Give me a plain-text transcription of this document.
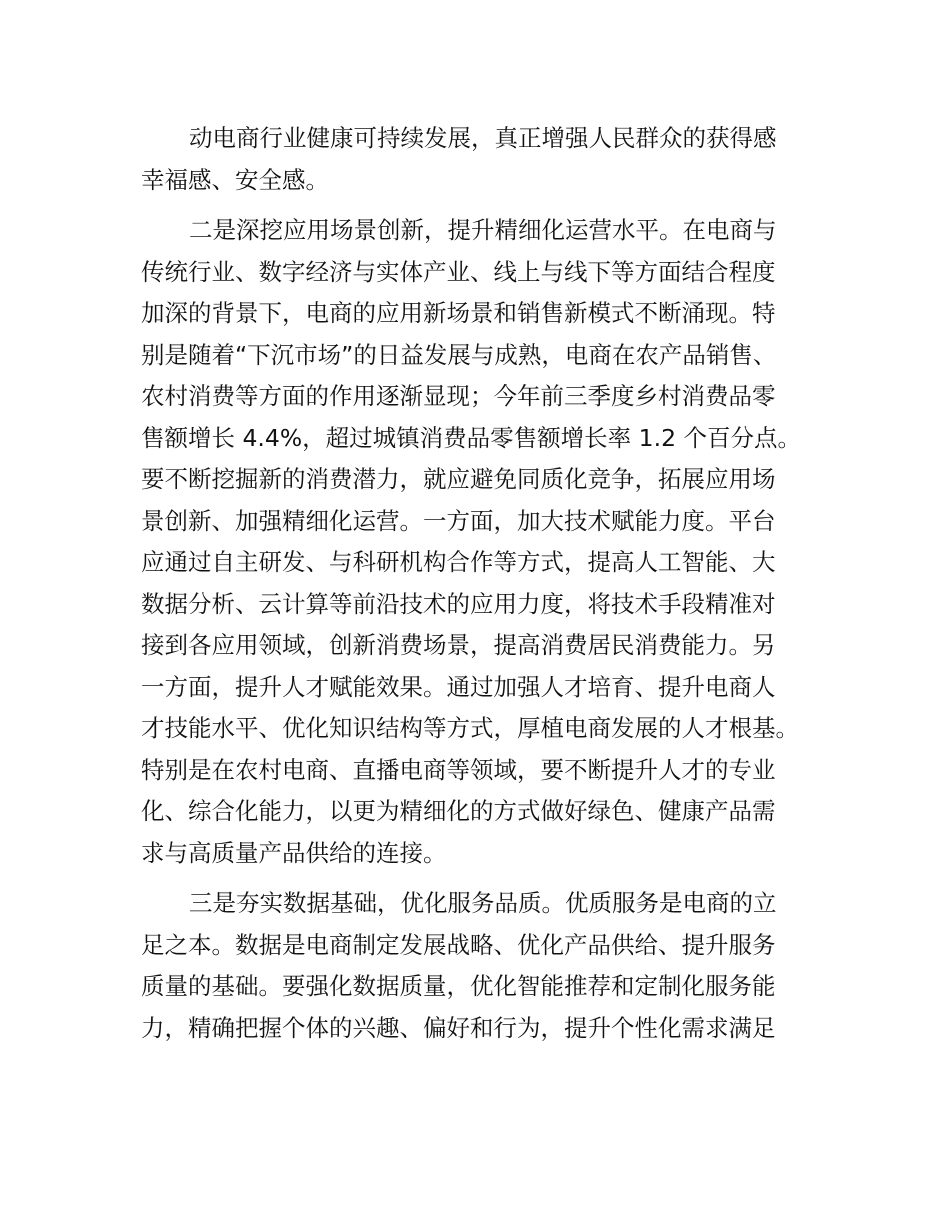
动电商行业健康可持续发展，真正增强人民群众的获得感
幸福感、安全感。
二是深挖应用场景创新，提升精细化运营水平。在电商与
传统行业、数字经济与实体产业、线上与线下等方面结合程度
加深的背景下，电商的应用新场景和销售新模式不断涌现。特
别是随着“下沉市场”的日益发展与成熟，电商在农产品销售、
农村消费等方面的作用逐渐显现；今年前三季度乡村消费品零
售额增长 4.4%，超过城镇消费品零售额增长率 1.2 个百分点。
要不断挖掘新的消费潜力，就应避免同质化竞争，拓展应用场
景创新、加强精细化运营。一方面，加大技术赋能力度。平台
应通过自主研发、与科研机构合作等方式，提高人工智能、大
数据分析、云计算等前沿技术的应用力度，将技术手段精准对
接到各应用领域，创新消费场景，提高消费居民消费能力。另
一方面，提升人才赋能效果。通过加强人才培育、提升电商人
才技能水平、优化知识结构等方式，厚植电商发展的人才根基。
特别是在农村电商、直播电商等领域，要不断提升人才的专业
化、综合化能力，以更为精细化的方式做好绿色、健康产品需
求与高质量产品供给的连接。
三是夯实数据基础，优化服务品质。优质服务是电商的立
足之本。数据是电商制定发展战略、优化产品供给、提升服务
质量的基础。要强化数据质量，优化智能推荐和定制化服务能
力，精确把握个体的兴趣、偏好和行为，提升个性化需求满足
